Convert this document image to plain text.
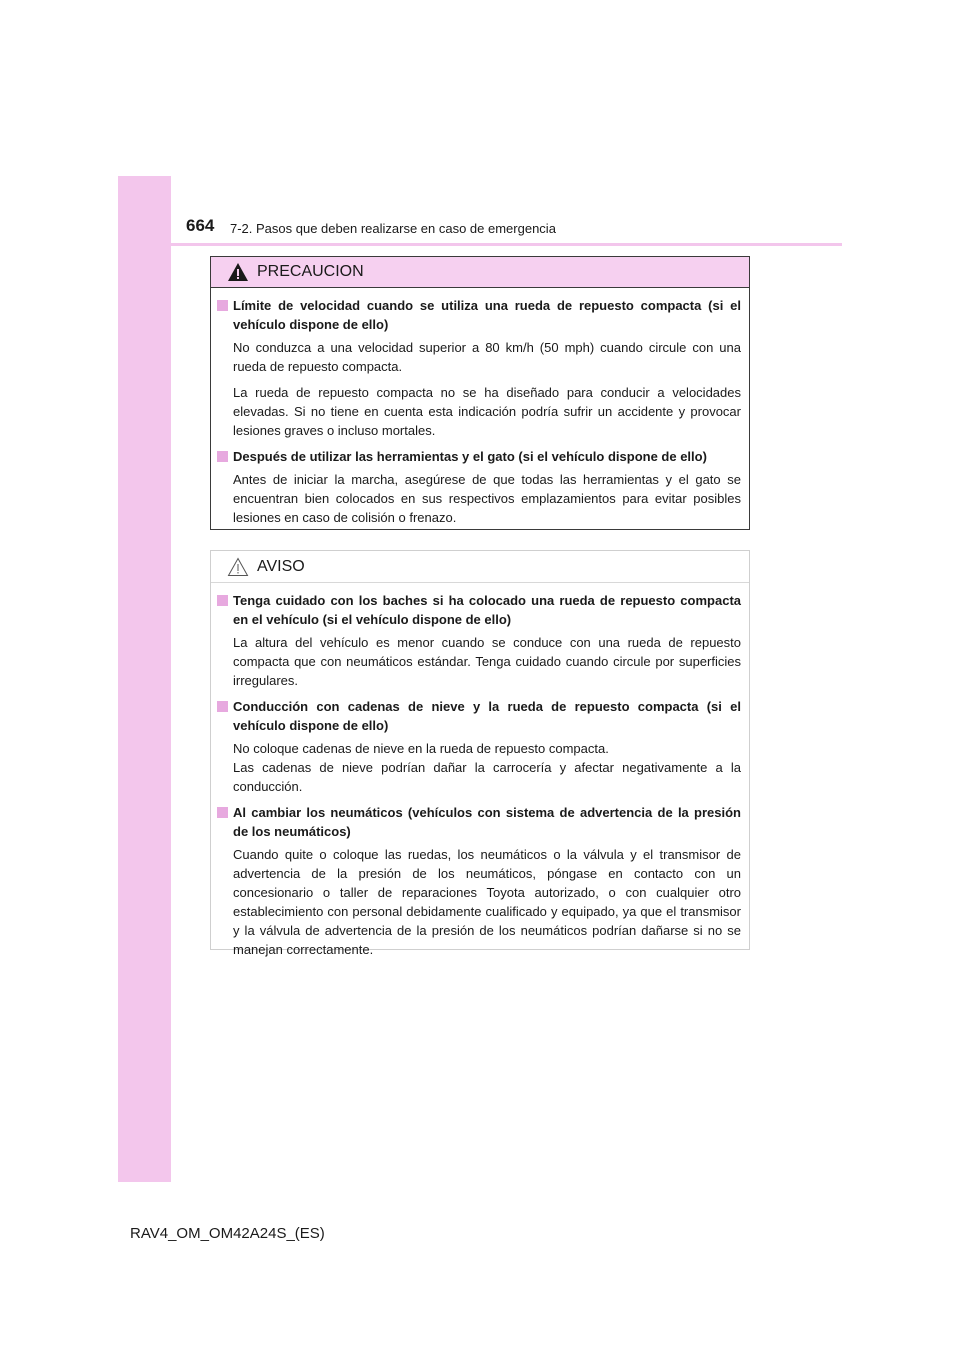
664 7-2. Pasos que deben realizarse en caso de emergencia
PRECAUCION
Límite de velocidad cuando se utiliza una rueda de repuesto compacta (si el vehículo dispone de ello)

No conduzca a una velocidad superior a 80 km/h (50 mph) cuando circule con una rueda de repuesto compacta.

La rueda de repuesto compacta no se ha diseñado para conducir a velocidades elevadas. Si no tiene en cuenta esta indicación podría sufrir un accidente y provocar lesiones graves o incluso mortales.

Después de utilizar las herramientas y el gato (si el vehículo dispone de ello)

Antes de iniciar la marcha, asegúrese de que todas las herramientas y el gato se encuentran bien colocados en sus respectivos emplazamientos para evitar posibles lesiones en caso de colisión o frenazo.

AVISO
Tenga cuidado con los baches si ha colocado una rueda de repuesto compacta en el vehículo (si el vehículo dispone de ello)

La altura del vehículo es menor cuando se conduce con una rueda de repuesto compacta que con neumáticos estándar. Tenga cuidado cuando circule por superficies irregulares.

Conducción con cadenas de nieve y la rueda de repuesto compacta (si el vehículo dispone de ello)

No coloque cadenas de nieve en la rueda de repuesto compacta.
Las cadenas de nieve podrían dañar la carrocería y afectar negativamente a la conducción.

Al cambiar los neumáticos (vehículos con sistema de advertencia de la presión de los neumáticos)

Cuando quite o coloque las ruedas, los neumáticos o la válvula y el transmisor de advertencia de la presión de los neumáticos, póngase en contacto con un concesionario o taller de reparaciones Toyota autorizado, o con cualquier otro establecimiento con personal debidamente cualificado y equipado, ya que el transmisor y la válvula de advertencia de la presión de los neumáticos podrían dañarse si no se manejan correctamente.

RAV4_OM_OM42A24S_(ES)
